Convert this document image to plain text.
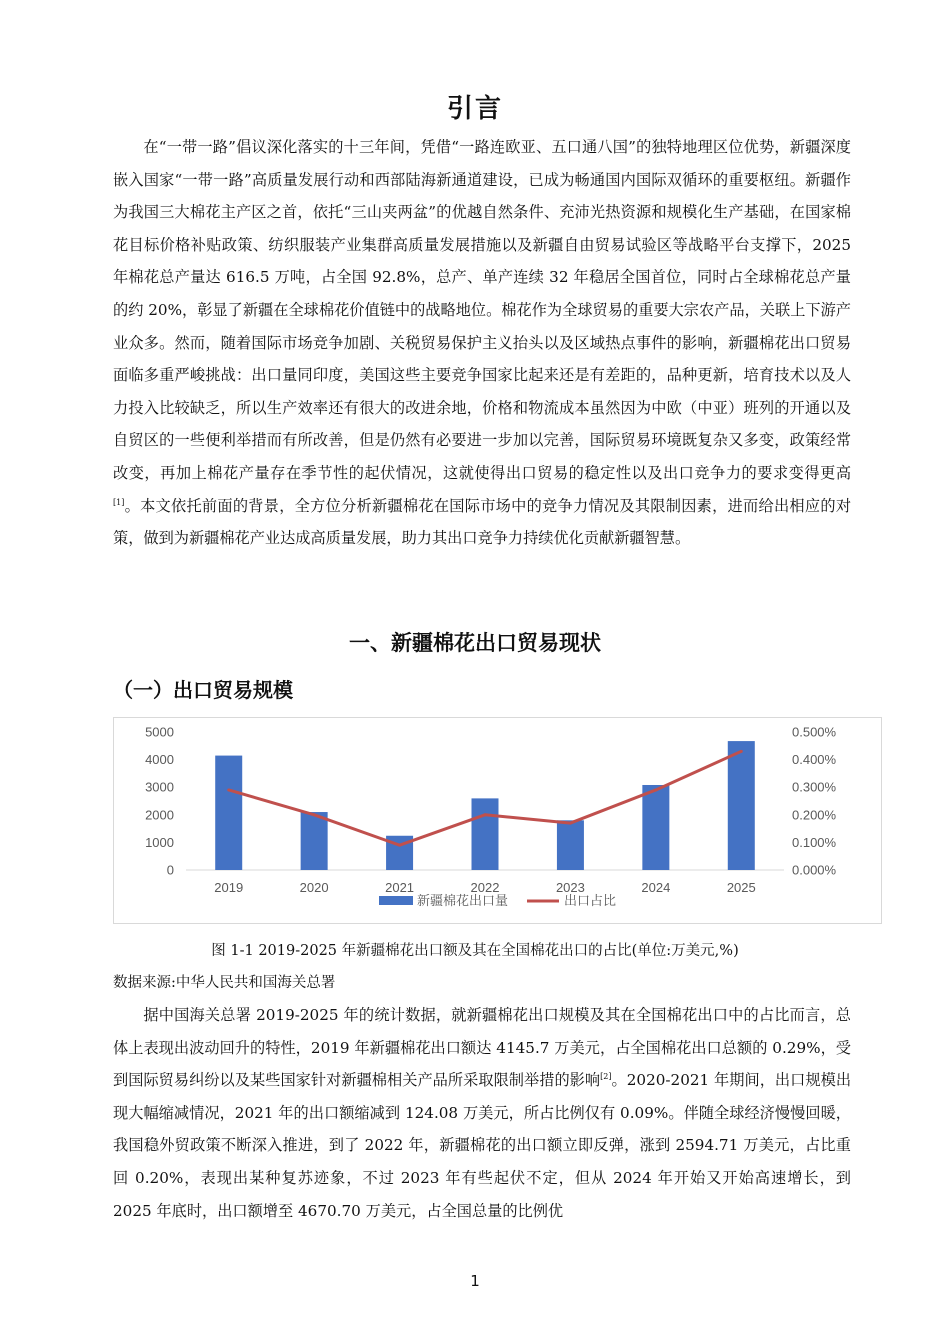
引言

在“一带一路”倡议深化落实的十三年间，凭借“一路连欧亚、五口通八国”的独特地理区位优势，新疆深度嵌入国家“一带一路”高质量发展行动和西部陆海新通道建设，已成为畅通国内国际双循环的重要枢纽。新疆作为我国三大棉花主产区之首，依托“三山夹两盆”的优越自然条件、充沛光热资源和规模化生产基础，在国家棉花目标价格补贴政策、纺织服装产业集群高质量发展措施以及新疆自由贸易试验区等战略平台支撑下，2025 年棉花总产量达 616.5 万吨，占全国 92.8%，总产、单产连续 32 年稳居全国首位，同时占全球棉花总产量的约 20%，彰显了新疆在全球棉花价值链中的战略地位。棉花作为全球贸易的重要大宗农产品，关联上下游产业众多。然而，随着国际市场竞争加剧、关税贸易保护主义抬头以及区域热点事件的影响，新疆棉花出口贸易面临多重严峻挑战：出口量同印度，美国这些主要竞争国家比起来还是有差距的，品种更新，培育技术以及人力投入比较缺乏，所以生产效率还有很大的改进余地，价格和物流成本虽然因为中欧（中亚）班列的开通以及自贸区的一些便利举措而有所改善，但是仍然有必要进一步加以完善，国际贸易环境既复杂又多变，政策经常改变，再加上棉花产量存在季节性的起伏情况，这就使得出口贸易的稳定性以及出口竞争力的要求变得更高[1]。本文依托前面的背景，全方位分析新疆棉花在国际市场中的竞争力情况及其限制因素，进而给出相应的对策，做到为新疆棉花产业达成高质量发展，助力其出口竞争力持续优化贡献新疆智慧。

一、新疆棉花出口贸易现状
（一）出口贸易规模
0
1000
2000
3000
4000
5000
0.000%
0.100%
0.200%
0.300%
0.400%
0.500%
2019	2020	2021	2022	2023	2024	2025
新疆棉花出口量	出口占比
图 1-1 2019-2025 年新疆棉花出口额及其在全国棉花出口的占比(单位:万美元,%)
数据来源:中华人民共和国海关总署

据中国海关总署 2019-2025 年的统计数据，就新疆棉花出口规模及其在全国棉花出口中的占比而言，总体上表现出波动回升的特性，2019 年新疆棉花出口额达 4145.7 万美元，占全国棉花出口总额的 0.29%，受到国际贸易纠纷以及某些国家针对新疆棉相关产品所采取限制举措的影响[2]。2020-2021 年期间，出口规模出现大幅缩减情况，2021 年的出口额缩减到 124.08 万美元，所占比例仅有 0.09%。伴随全球经济慢慢回暖，我国稳外贸政策不断深入推进，到了 2022 年，新疆棉花的出口额立即反弹，涨到 2594.71 万美元，占比重回 0.20%，表现出某种复苏迹象，不过 2023 年有些起伏不定，但从 2024 年开始又开始高速增长，到 2025 年底时，出口额增至 4670.70 万美元，占全国总量的比例优

1
